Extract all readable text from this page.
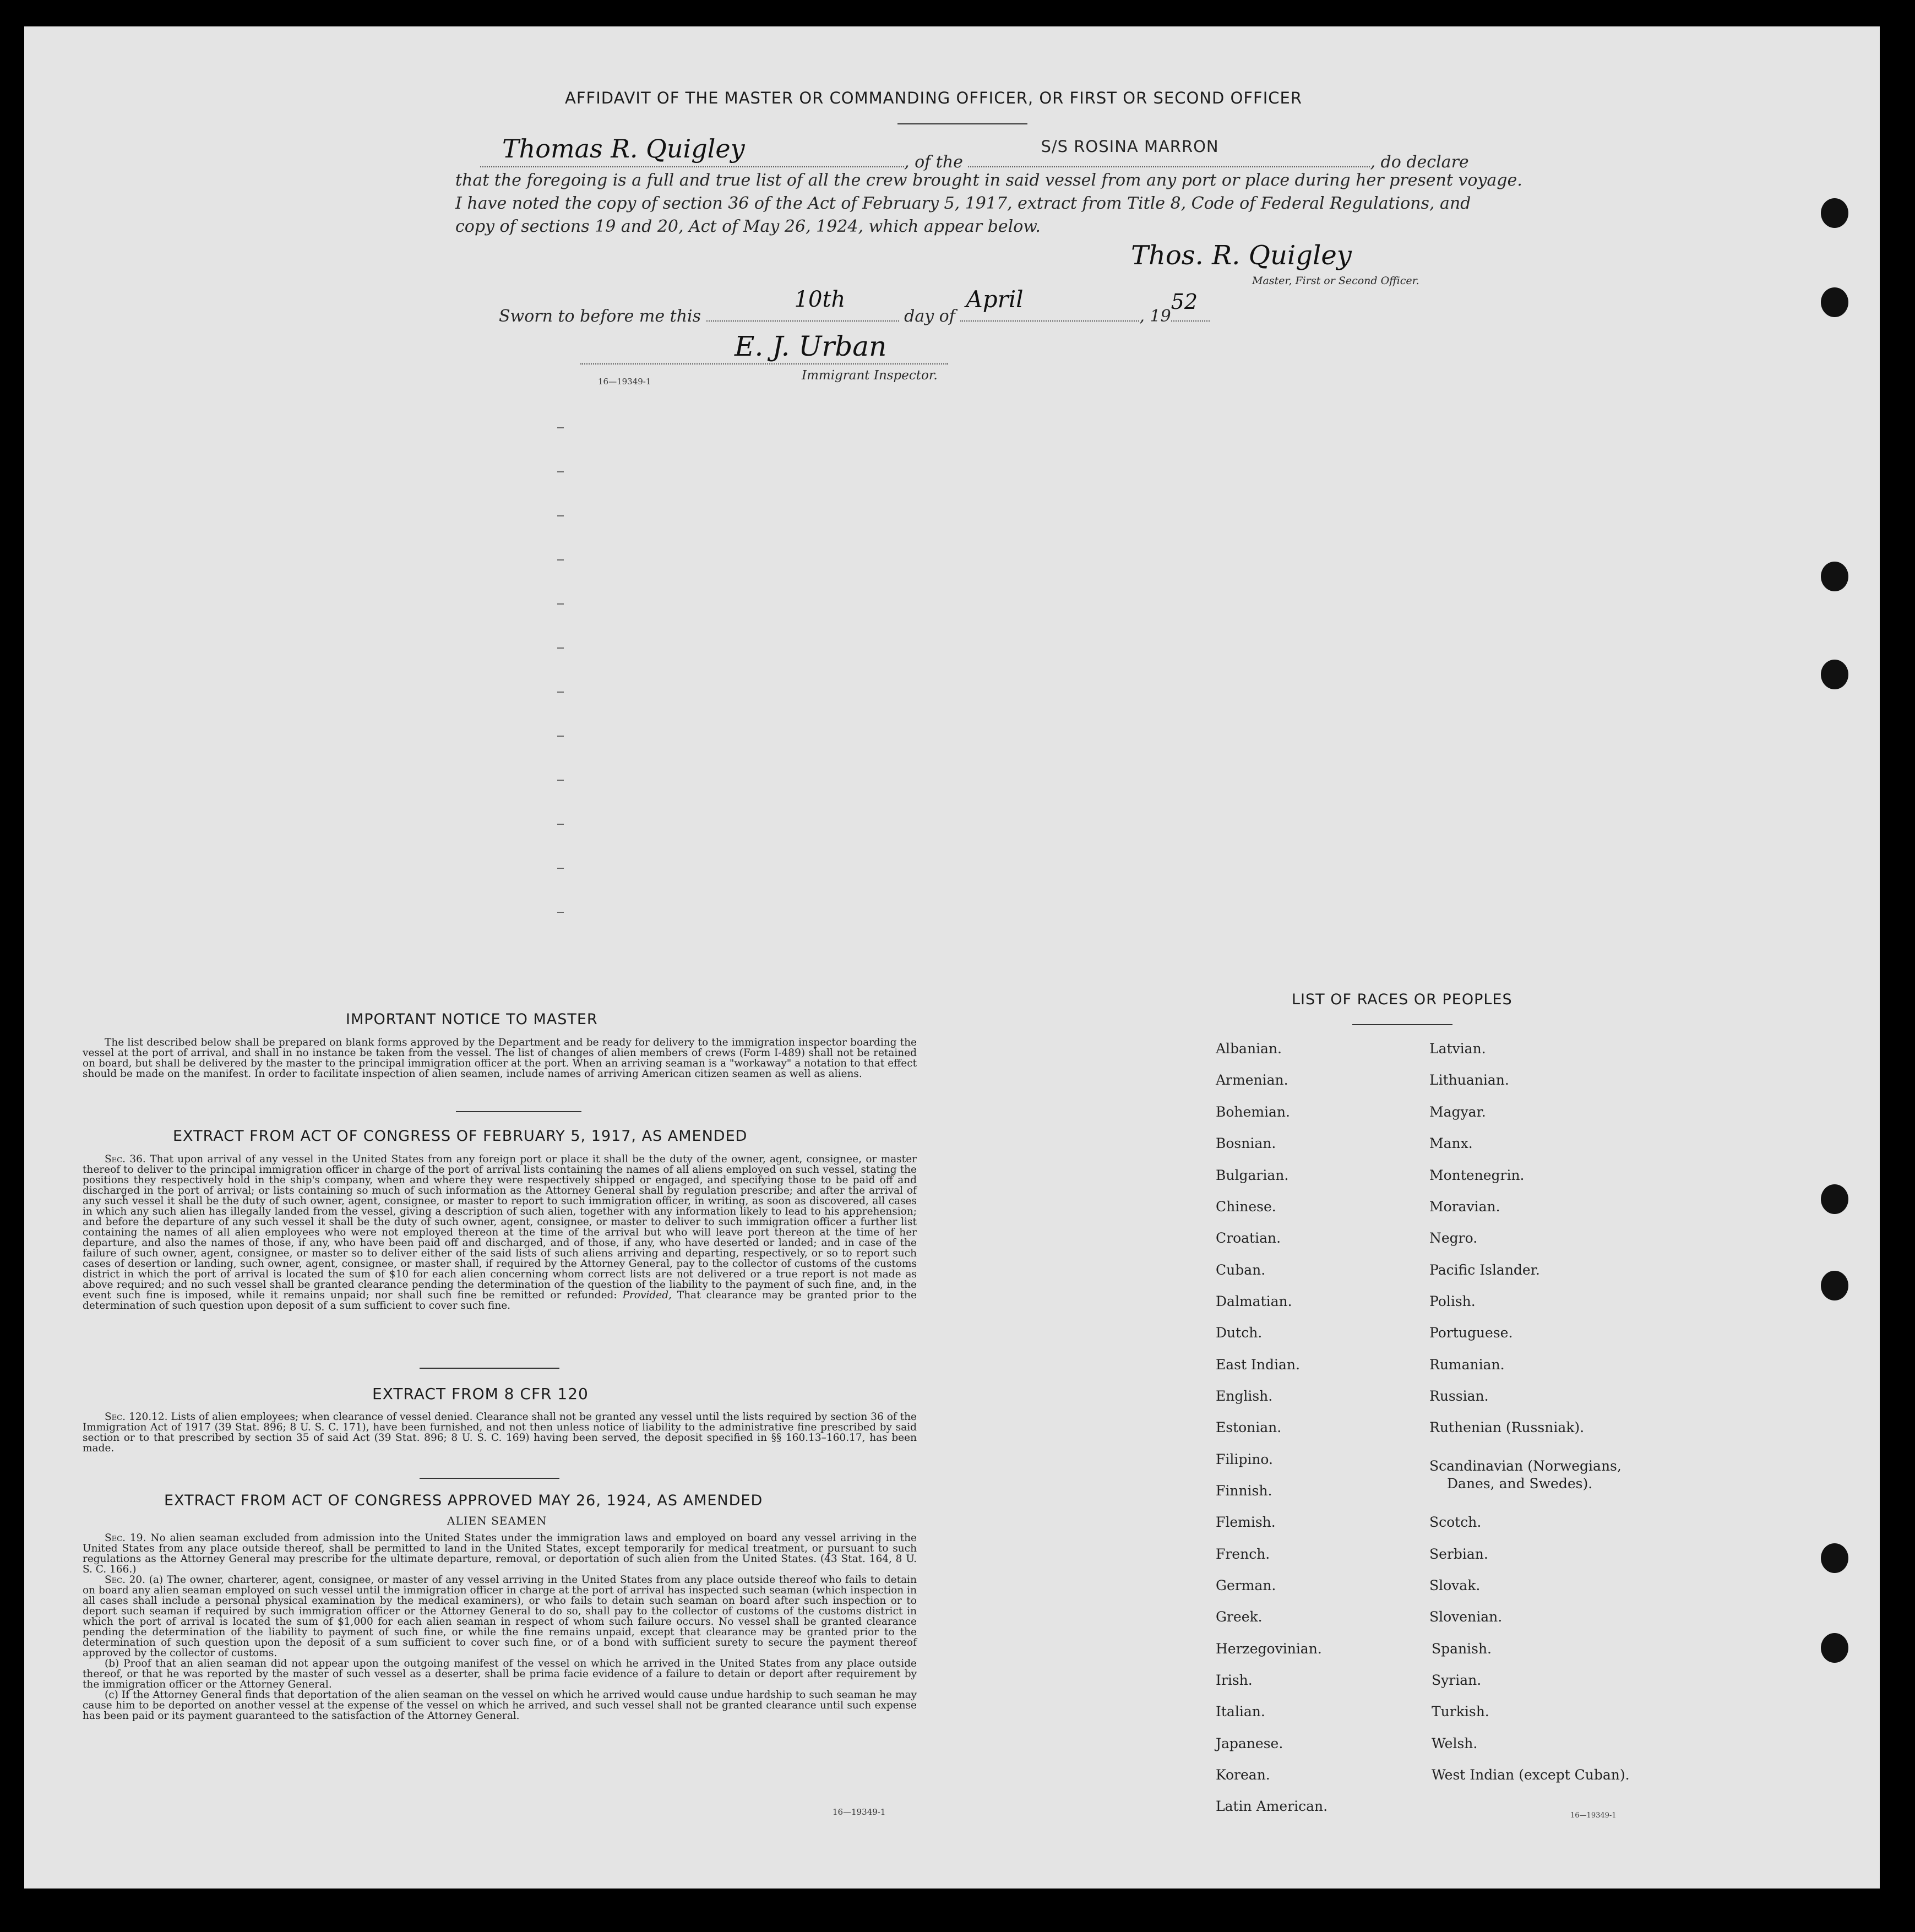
AFFIDAVIT OF THE MASTER OR COMMANDING OFFICER, OR FIRST OR SECOND OFFICER
Thomas R. Quigley	, of the
S/S ROSINA MARRON
, do declare
that the foregoing is a full and true list of all the crew brought in said vessel from any port or place during her present voyage.
I have noted the copy of section 36 of the Act of February 5, 1917, extract from Title 8, Code of Federal Regulations, and
copy of sections 19 and 20, Act of May 26, 1924, which appear below.
Thos. R. Quigley
Master, First or Second Officer.
Sworn to before me this
10th
day of
April
, 19
52
E. J. Urban
16—19349-1	Immigrant Inspector.
IMPORTANT NOTICE TO MASTER

The list described below shall be prepared on blank forms approved by the Department and be ready for delivery to the immigration inspector boarding the vessel at the port of arrival, and shall in no instance be taken from the vessel. The list of changes of alien members of crews (Form I-489) shall not be retained on board, but shall be delivered by the master to the principal immigration officer at the port. When an arriving seaman is a "workaway" a notation to that effect should be made on the manifest. In order to facilitate inspection of alien seamen, include names of arriving American citizen seamen as well as aliens.

EXTRACT FROM ACT OF CONGRESS OF FEBRUARY 5, 1917, AS AMENDED

Sec. 36. That upon arrival of any vessel in the United States from any foreign port or place it shall be the duty of the owner, agent, consignee, or master thereof to deliver to the principal immigration officer in charge of the port of arrival lists containing the names of all aliens employed on such vessel, stating the positions they respectively hold in the ship's company, when and where they were respectively shipped or engaged, and specifying those to be paid off and discharged in the port of arrival; or lists containing so much of such information as the Attorney General shall by regulation prescribe; and after the arrival of any such vessel it shall be the duty of such owner, agent, consignee, or master to report to such immigration officer, in writing, as soon as discovered, all cases in which any such alien has illegally landed from the vessel, giving a description of such alien, together with any information likely to lead to his apprehension; and before the departure of any such vessel it shall be the duty of such owner, agent, consignee, or master to deliver to such immigration officer a further list containing the names of all alien employees who were not employed thereon at the time of the arrival but who will leave port thereon at the time of her departure, and also the names of those, if any, who have been paid off and discharged, and of those, if any, who have deserted or landed; and in case of the failure of such owner, agent, consignee, or master so to deliver either of the said lists of such aliens arriving and departing, respectively, or so to report such cases of desertion or landing, such owner, agent, consignee, or master shall, if required by the Attorney General, pay to the collector of customs of the customs district in which the port of arrival is located the sum of $10 for each alien concerning whom correct lists are not delivered or a true report is not made as above required; and no such vessel shall be granted clearance pending the determination of the question of the liability to the payment of such fine, and, in the event such fine is imposed, while it remains unpaid; nor shall such fine be remitted or refunded: Provided, That clearance may be granted prior to the determination of such question upon deposit of a sum sufficient to cover such fine.

EXTRACT FROM 8 CFR 120

Sec. 120.12. Lists of alien employees; when clearance of vessel denied. Clearance shall not be granted any vessel until the lists required by section 36 of the Immigration Act of 1917 (39 Stat. 896; 8 U. S. C. 171), have been furnished, and not then unless notice of liability to the administrative fine prescribed by said section or to that prescribed by section 35 of said Act (39 Stat. 896; 8 U. S. C. 169) having been served, the deposit specified in §§ 160.13–160.17, has been made.

EXTRACT FROM ACT OF CONGRESS APPROVED MAY 26, 1924, AS AMENDED
ALIEN SEAMEN

Sec. 19. No alien seaman excluded from admission into the United States under the immigration laws and employed on board any vessel arriving in the United States from any place outside thereof, shall be permitted to land in the United States, except temporarily for medical treatment, or pursuant to such regulations as the Attorney General may prescribe for the ultimate departure, removal, or deportation of such alien from the United States. (43 Stat. 164, 8 U. S. C. 166.)

Sec. 20. (a) The owner, charterer, agent, consignee, or master of any vessel arriving in the United States from any place outside thereof who fails to detain on board any alien seaman employed on such vessel until the immigration officer in charge at the port of arrival has inspected such seaman (which inspection in all cases shall include a personal physical examination by the medical examiners), or who fails to detain such seaman on board after such inspection or to deport such seaman if required by such immigration officer or the Attorney General to do so, shall pay to the collector of customs of the customs district in which the port of arrival is located the sum of $1,000 for each alien seaman in respect of whom such failure occurs. No vessel shall be granted clearance pending the determination of the liability to payment of such fine, or while the fine remains unpaid, except that clearance may be granted prior to the determination of such question upon the deposit of a sum sufficient to cover such fine, or of a bond with sufficient surety to secure the payment thereof approved by the collector of customs.

(b) Proof that an alien seaman did not appear upon the outgoing manifest of the vessel on which he arrived in the United States from any place outside thereof, or that he was reported by the master of such vessel as a deserter, shall be prima facie evidence of a failure to detain or deport after requirement by the immigration officer or the Attorney General.

(c) If the Attorney General finds that deportation of the alien seaman on the vessel on which he arrived would cause undue hardship to such seaman he may cause him to be deported on another vessel at the expense of the vessel on which he arrived, and such vessel shall not be granted clearance until such expense has been paid or its payment guaranteed to the satisfaction of the Attorney General.

16—19349-1
LIST OF RACES OR PEOPLES
Albanian.
Armenian.
Bohemian.
Bosnian.
Bulgarian.
Chinese.
Croatian.
Cuban.
Dalmatian.
Dutch.
East Indian.
English.
Estonian.
Filipino.
Finnish.
Flemish.
French.
German.
Greek.
Herzegovinian.
Irish.
Italian.
Japanese.
Korean.
Latin American.
Latvian.
Lithuanian.
Magyar.
Manx.
Montenegrin.
Moravian.
Negro.
Pacific Islander.
Polish.
Portuguese.
Rumanian.
Russian.
Ruthenian (Russniak).
Scandinavian (Norwegians,
Danes, and Swedes).
Scotch.
Serbian.
Slovak.
Slovenian.
Spanish.
Syrian.
Turkish.
Welsh.
West Indian (except Cuban).
16—19349-1
